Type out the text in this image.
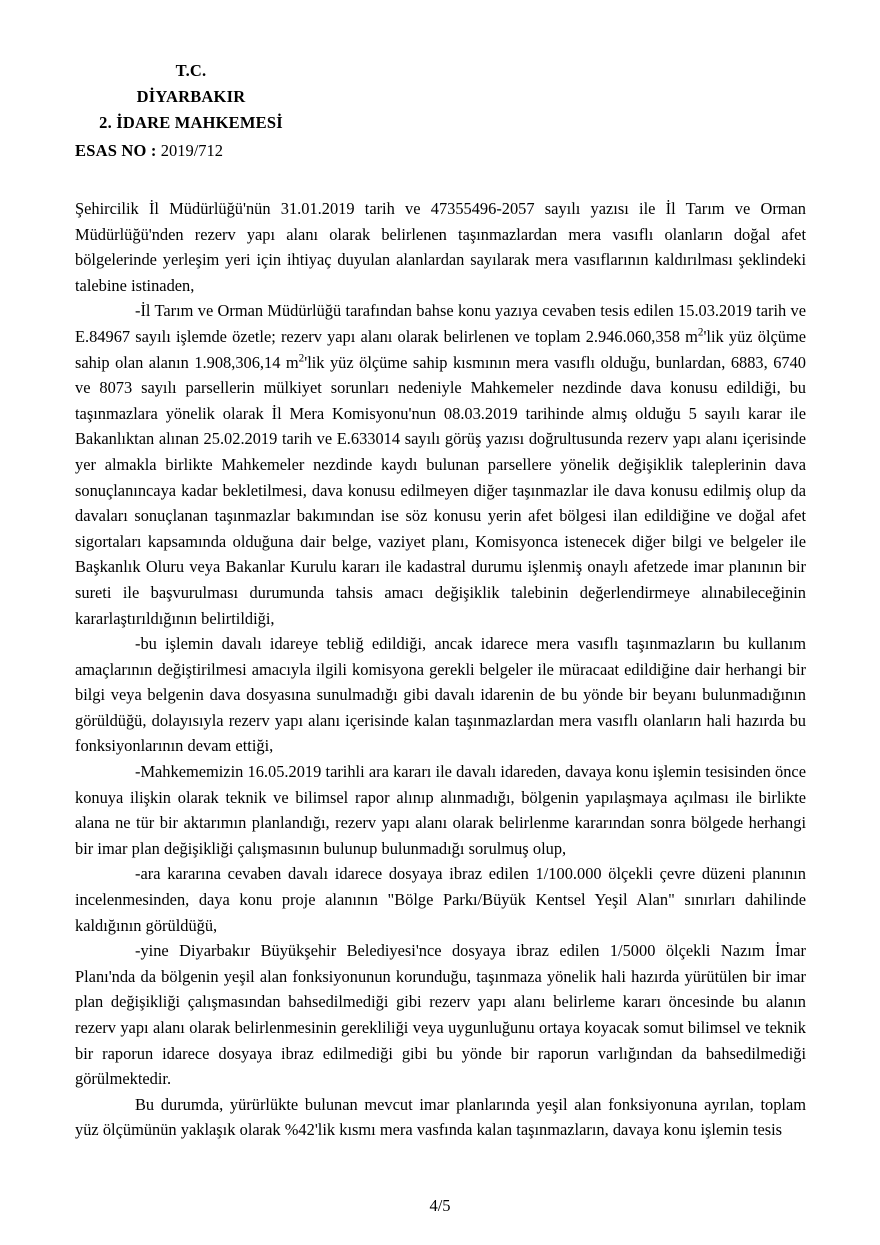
T.C.
DİYARBAKIR
2. İDARE MAHKEMESİ
ESAS NO : 2019/712

Şehircilik İl Müdürlüğü'nün 31.01.2019 tarih ve 47355496-2057 sayılı yazısı ile İl Tarım ve Orman Müdürlüğü'nden rezerv yapı alanı olarak belirlenen taşınmazlardan mera vasıflı olanların doğal afet bölgelerinde yerleşim yeri için ihtiyaç duyulan alanlardan sayılarak mera vasıflarının kaldırılması şeklindeki talebine istinaden,

-İl Tarım ve Orman Müdürlüğü tarafından bahse konu yazıya cevaben tesis edilen 15.03.2019 tarih ve E.84967 sayılı işlemde özetle; rezerv yapı alanı olarak belirlenen ve toplam 2.946.060,358 $m^2'lik$ yüz ölçüme sahip olan alanın 1.908,306,14 $m^2'lik$ yüz ölçüme sahip kısmının mera vasıflı olduğu, bunlardan, 6883, 6740 ve 8073 sayılı parsellerin mülkiyet sorunları nedeniyle Mahkemeler nezdinde dava konusu edildiği, bu taşınmazlara yönelik olarak İl Mera Komisyonu'nun 08.03.2019 tarihinde almış olduğu 5 sayılı karar ile Bakanlıktan alınan 25.02.2019 tarih ve E.633014 sayılı görüş yazısı doğrultusunda rezerv yapı alanı içerisinde yer almakla birlikte Mahkemeler nezdinde kaydı bulunan parsellere yönelik değişiklik taleplerinin dava sonuçlanıncaya kadar bekletilmesi, dava konusu edilmeyen diğer taşınmazlar ile dava konusu edilmiş olup da davaları sonuçlanan taşınmazlar bakımından ise söz konusu yerin afet bölgesi ilan edildiğine ve doğal afet sigortaları kapsamında olduğuna dair belge, vaziyet planı, Komisyonca istenecek diğer bilgi ve belgeler ile Başkanlık Oluru veya Bakanlar Kurulu kararı ile kadastral durumu işlenmiş onaylı afetzede imar planının bir sureti ile başvurulması durumunda tahsis amacı değişiklik talebinin değerlendirmeye alınabileceğinin kararlaştırıldığının belirtildiği,

-bu işlemin davalı idareye tebliğ edildiği, ancak idarece mera vasıflı taşınmazların bu kullanım amaçlarının değiştirilmesi amacıyla ilgili komisyona gerekli belgeler ile müracaat edildiğine dair herhangi bir bilgi veya belgenin dava dosyasına sunulmadığı gibi davalı idarenin de bu yönde bir beyanı bulunmadığının görüldüğü, dolayısıyla rezerv yapı alanı içerisinde kalan taşınmazlardan mera vasıflı olanların hali hazırda bu fonksiyonlarının devam ettiği,

-Mahkememizin 16.05.2019 tarihli ara kararı ile davalı idareden, davaya konu işlemin tesisinden önce konuya ilişkin olarak teknik ve bilimsel rapor alınıp alınmadığı, bölgenin yapılaşmaya açılması ile birlikte alana ne tür bir aktarımın planlandığı, rezerv yapı alanı olarak belirlenme kararından sonra bölgede herhangi bir imar plan değişikliği çalışmasının bulunup bulunmadığı sorulmuş olup,

-ara kararına cevaben davalı idarece dosyaya ibraz edilen 1/100.000 ölçekli çevre düzeni planının incelenmesinden, daya konu proje alanının "Bölge Parkı/Büyük Kentsel Yeşil Alan" sınırları dahilinde kaldığının görüldüğü,

-yine Diyarbakır Büyükşehir Belediyesi'nce dosyaya ibraz edilen 1/5000 ölçekli Nazım İmar Planı'nda da bölgenin yeşil alan fonksiyonunun korunduğu, taşınmaza yönelik hali hazırda yürütülen bir imar plan değişikliği çalışmasından bahsedilmediği gibi rezerv yapı alanı belirleme kararı öncesinde bu alanın rezerv yapı alanı olarak belirlenmesinin gerekliliği veya uygunluğunu ortaya koyacak somut bilimsel ve teknik bir raporun idarece dosyaya ibraz edilmediği gibi bu yönde bir raporun varlığından da bahsedilmediği görülmektedir.

Bu durumda, yürürlükte bulunan mevcut imar planlarında yeşil alan fonksiyonuna ayrılan, toplam yüz ölçümünün yaklaşık olarak %42'lik kısmı mera vasfında kalan taşınmazların, davaya konu işlemin tesis

4/5
